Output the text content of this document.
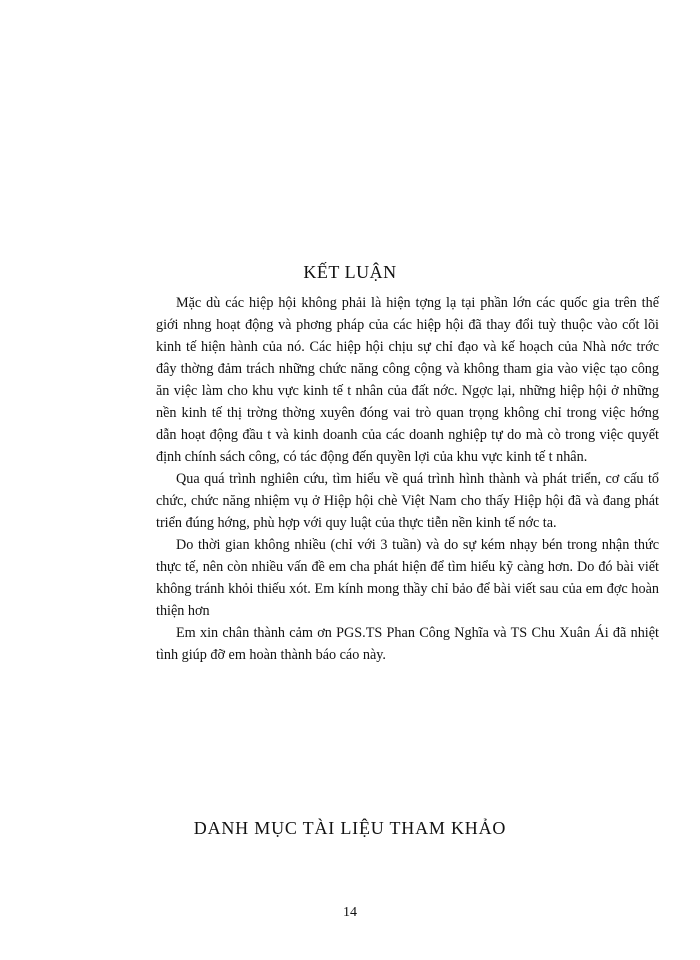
KẾT LUẬN

Mặc dù các hiệp hội không phải là hiện tợng lạ tại phần lớn các quốc gia trên thế giới nhng hoạt động và phơng pháp của các hiệp hội đã thay đổi tuỳ thuộc vào cốt lõi kinh tế hiện hành của nó. Các hiệp hội chịu sự chỉ đạo và kế hoạch của Nhà nớc trớc đây thờng đảm trách những chức năng công cộng và không tham gia vào việc tạo công ăn việc làm cho khu vực kinh tế t nhân của đất nớc. Ngợc lại, những hiệp hội ở những nền kinh tế thị trờng thờng xuyên đóng vai trò quan trọng không chỉ trong việc hớng dẫn hoạt động đầu t và kinh doanh của các doanh nghiệp tự do mà cò trong việc quyết định chính sách công, có tác động đến quyền lợi của khu vực kinh tế t nhân.

Qua quá trình nghiên cứu, tìm hiểu về quá trình hình thành và phát triển, cơ cấu tổ chức, chức năng nhiệm vụ ở Hiệp hội chè Việt Nam cho thấy Hiệp hội đã và đang phát triển đúng hớng, phù hợp với quy luật của thực tiễn nền kinh tế nớc ta.

Do thời gian không nhiều (chỉ với 3 tuần) và do sự kém nhạy bén trong nhận thức thực tế, nên còn nhiều vấn đề em cha phát hiện để tìm hiểu kỹ càng hơn. Do đó bài viết không tránh khỏi thiếu xót. Em kính mong thầy chỉ bảo để bài viết sau của em đợc hoàn thiện hơn

Em xin chân thành cảm ơn PGS.TS Phan Công Nghĩa và TS Chu Xuân Ái đã nhiệt tình giúp đỡ em hoàn thành báo cáo này.

DANH MỤC TÀI LIỆU THAM KHẢO
14
